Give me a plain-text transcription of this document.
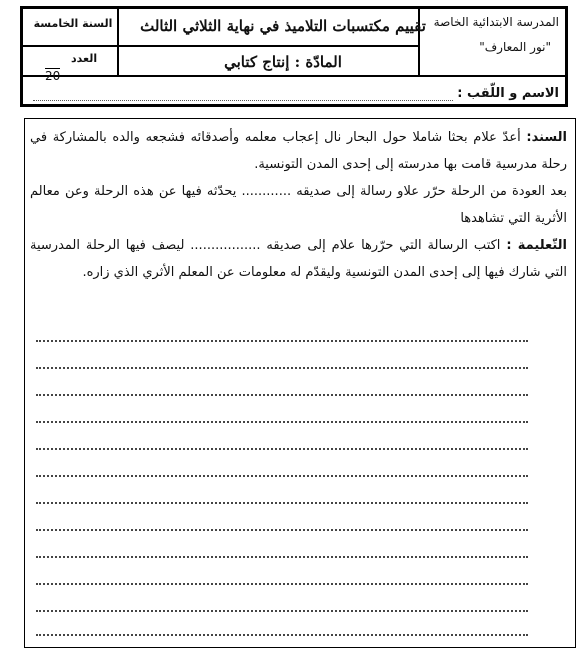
المدرسة الابتدائية الخاصة
"نور المعارف"
تقييم مكتسبات التلاميذ في نهاية الثلاثي الثالث
المادّة : إنتاج كتابي
السنة الخامسة
العدد
20
الاسم و اللّقب :

السند: أعدّ علام بحثا شاملا حول البحار نال إعجاب معلمه وأصدقائه فشجعه والده بالمشاركة في رحلة مدرسية قامت بها مدرسته إلى إحدى المدن التونسية.

بعد العودة من الرحلة حرّر علاو رسالة إلى صديقه ............ يحدّثه فيها عن هذه الرحلة وعن معالم الأثرية التي تشاهدها

التّعليمة : اكتب الرسالة التي حرّرها علام إلى صديقه ................. ليصف فيها الرحلة المدرسية التي شارك فيها إلى إحدى المدن التونسية وليقدّم له معلومات عن المعلم الأثري الذي زاره.
